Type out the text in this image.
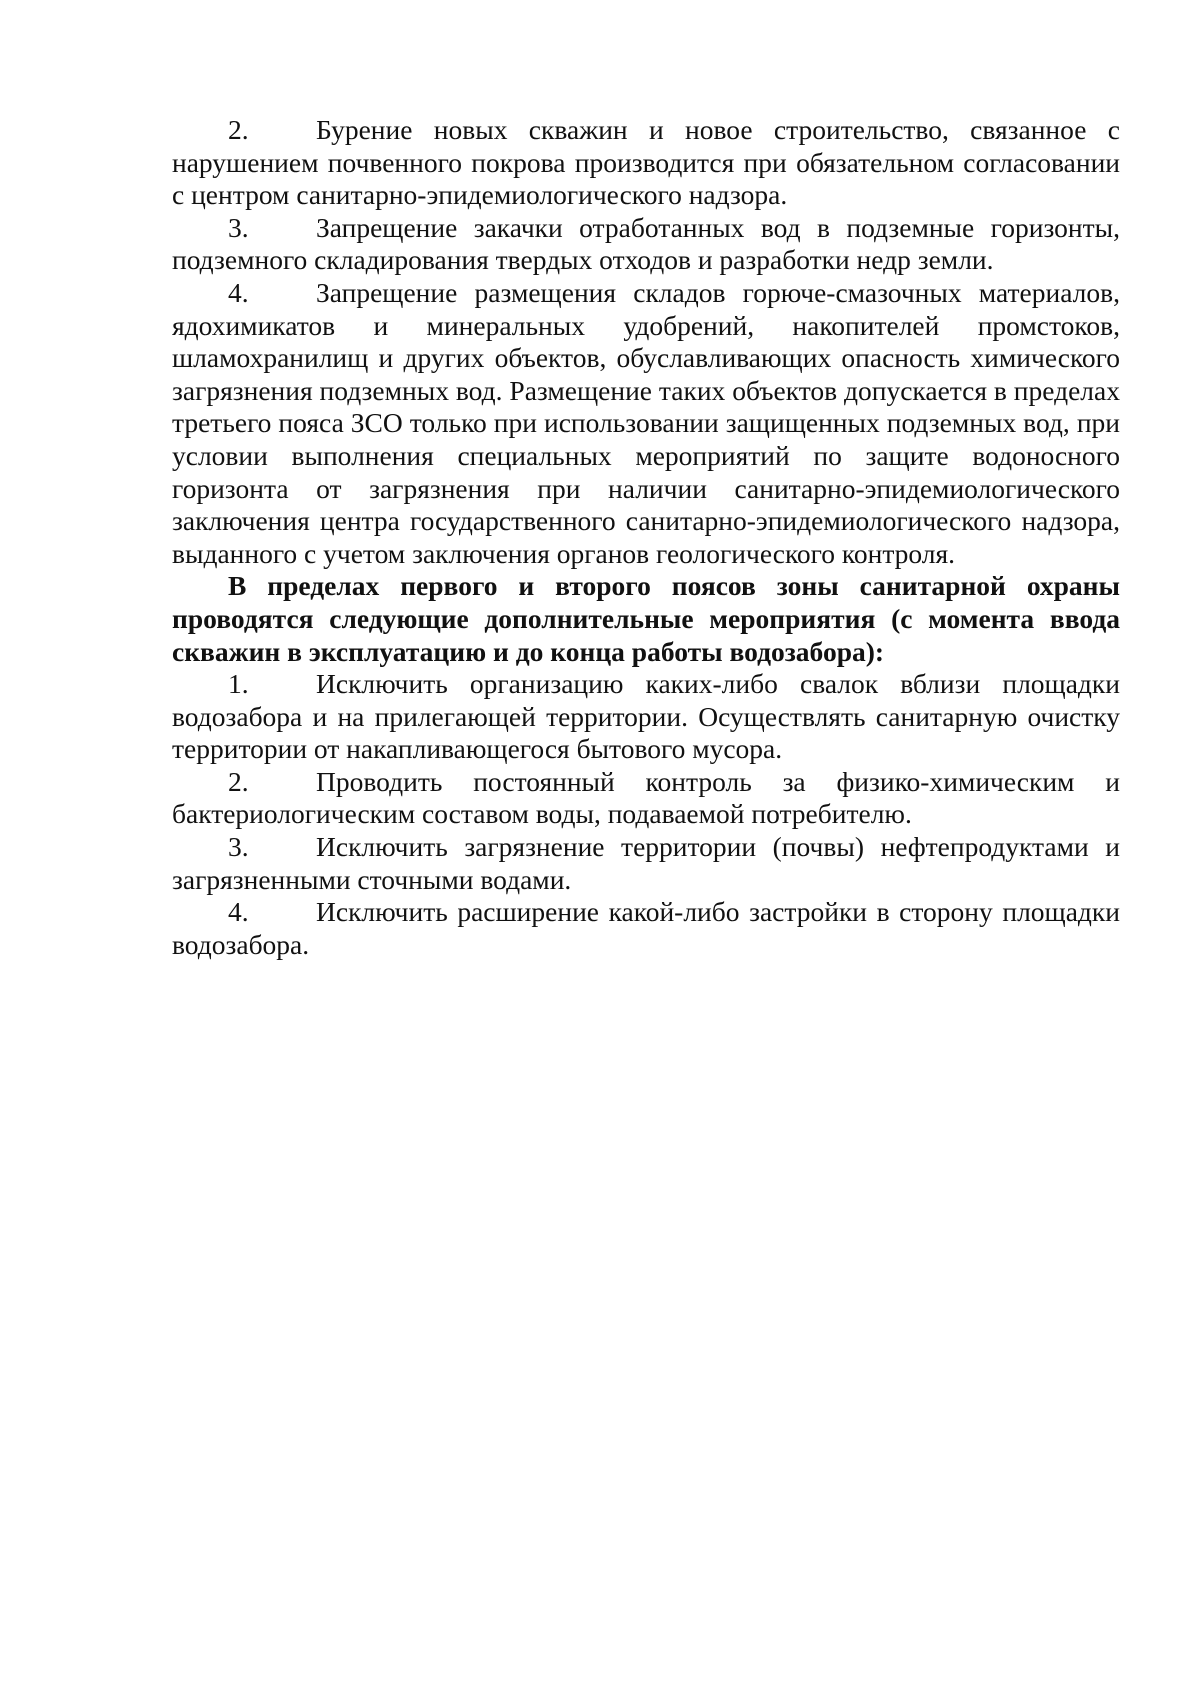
2. Бурение новых скважин и новое строительство, связанное с нарушением почвенного покрова производится при обязательном согласовании с центром санитарно-эпидемиологического надзора.

3. Запрещение закачки отработанных вод в подземные горизонты, подземного складирования твердых отходов и разработки недр земли.

4. Запрещение размещения складов горюче-смазочных материалов, ядохимикатов и минеральных удобрений, накопителей промстоков, шламохранилищ и других объектов, обуславливающих опасность химического загрязнения подземных вод. Размещение таких объектов допускается в пределах третьего пояса ЗСО только при использовании защищенных подземных вод, при условии выполнения специальных мероприятий по защите водоносного горизонта от загрязнения при наличии санитарно-эпидемиологического заключения центра государственного санитарно-эпидемиологического надзора, выданного с учетом заключения органов геологического контроля.

В пределах первого и второго поясов зоны санитарной охраны проводятся следующие дополнительные мероприятия (с момента ввода скважин в эксплуатацию и до конца работы водозабора):

1. Исключить организацию каких-либо свалок вблизи площадки водозабора и на прилегающей территории. Осуществлять санитарную очистку территории от накапливающегося бытового мусора.

2. Проводить постоянный контроль за физико-химическим и бактериологическим составом воды, подаваемой потребителю.

3. Исключить загрязнение территории (почвы) нефтепродуктами и загрязненными сточными водами.

4. Исключить расширение какой-либо застройки в сторону площадки водозабора.
